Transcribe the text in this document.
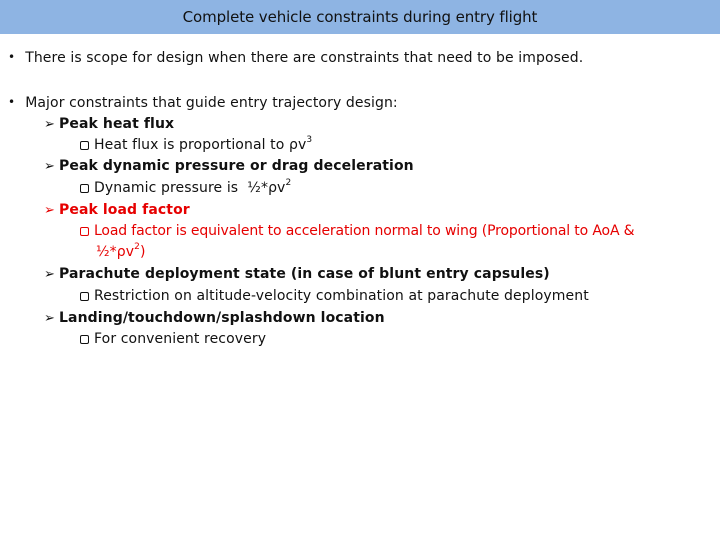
Complete vehicle constraints during entry flight
• There is scope for design when there are constraints that need to be imposed.
• Major constraints that guide entry trajectory design:
➢ Peak heat flux
Heat flux is proportional to $\rho v^3$
➢ Peak dynamic pressure or drag deceleration
Dynamic pressure is  $\frac{1}{2}*\rho v^2$
➢ Peak load factor
Load factor is equivalent to acceleration normal to wing (Proportional to AoA &
$\frac{1}{2}*\rho v^2$)
➢ Parachute deployment state (in case of blunt entry capsules)
Restriction on altitude-velocity combination at parachute deployment
➢ Landing/touchdown/splashdown location
For convenient recovery
